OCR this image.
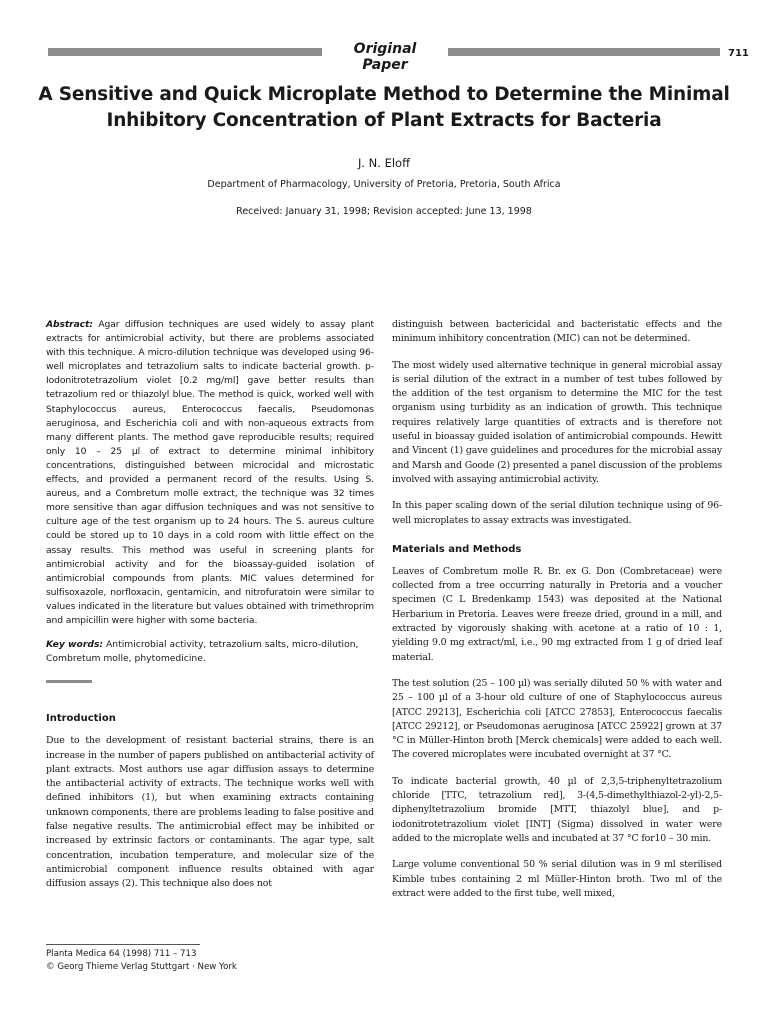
Original Paper
711
A Sensitive and Quick Microplate Method to Determine the Minimal
Inhibitory Concentration of Plant Extracts for Bacteria
J. N. Eloff
Department of Pharmacology, University of Pretoria, Pretoria, South Africa
Received: January 31, 1998; Revision accepted: June 13, 1998

Abstract: Agar diffusion techniques are used widely to assay plant extracts for antimicrobial activity, but there are problems associated with this technique. A micro-dilution technique was developed using 96-well microplates and tetrazolium salts to indicate bacterial growth. p-Iodonitrotetrazolium violet [0.2 mg/ml] gave better results than tetrazolium red or thiazolyl blue. The method is quick, worked well with Staphylococcus aureus, Enterococcus faecalis, Pseudomonas aeruginosa, and Escherichia coli and with non-aqueous extracts from many different plants. The method gave reproducible results; required only 10 – 25 µl of extract to determine minimal inhibitory concentrations, distinguished between microcidal and microstatic effects, and provided a permanent record of the results. Using S. aureus, and a Combretum molle extract, the technique was 32 times more sensitive than agar diffusion techniques and was not sensitive to culture age of the test organism up to 24 hours. The S. aureus culture could be stored up to 10 days in a cold room with little effect on the assay results. This method was useful in screening plants for antimicrobial activity and for the bioassay-guided isolation of antimicrobial compounds from plants. MIC values determined for sulfisoxazole, norfloxacin, gentamicin, and nitrofuratoin were similar to values indicated in the literature but values obtained with trimethroprim and ampicillin were higher with some bacteria.

Key words: Antimicrobial activity, tetrazolium salts, micro-dilution, Combretum molle, phytomedicine.

Introduction

Due to the development of resistant bacterial strains, there is an increase in the number of papers published on antibacterial activity of plant extracts. Most authors use agar diffusion assays to determine the antibacterial activity of extracts. The technique works well with defined inhibitors (1), but when examining extracts containing unknown components, there are problems leading to false positive and false negative results. The antimicrobial effect may be inhibited or increased by extrinsic factors or contaminants. The agar type, salt concentration, incubation temperature, and molecular size of the antimicrobial component influence results obtained with agar diffusion assays (2). This technique also does not

distinguish between bactericidal and bacteristatic effects and the minimum inhibitory concentration (MIC) can not be determined.

The most widely used alternative technique in general microbial assay is serial dilution of the extract in a number of test tubes followed by the addition of the test organism to determine the MIC for the test organism using turbidity as an indication of growth. This technique requires relatively large quantities of extracts and is therefore not useful in bioassay guided isolation of antimicrobial compounds. Hewitt and Vincent (1) gave guidelines and procedures for the microbial assay and Marsh and Goode (2) presented a panel discussion of the problems involved with assaying antimicrobial activity.

In this paper scaling down of the serial dilution technique using of 96-well microplates to assay extracts was investigated.

Materials and Methods

Leaves of Combretum molle R. Br. ex G. Don (Combretaceae) were collected from a tree occurring naturally in Pretoria and a voucher specimen (C L Bredenkamp 1543) was deposited at the National Herbarium in Pretoria. Leaves were freeze dried, ground in a mill, and extracted by vigorously shaking with acetone at a ratio of 10 : 1, yielding 9.0 mg extract/ml, i.e., 90 mg extracted from 1 g of dried leaf material.

The test solution (25 – 100 µl) was serially diluted 50 % with water and 25 – 100 µl of a 3-hour old culture of one of Staphylococcus aureus [ATCC 29213], Escherichia coli [ATCC 27853], Enterococcus faecalis [ATCC 29212], or Pseudomonas aeruginosa [ATCC 25922] grown at 37 °C in Müller-Hinton broth [Merck chemicals] were added to each well. The covered microplates were incubated overnight at 37 °C.

To indicate bacterial growth, 40 µl of 2,3,5-triphenyltetrazolium chloride [TTC, tetrazolium red], 3-(4,5-dimethylthiazol-2-yl)-2,5-diphenyltetrazolium bromide [MTT, thiazolyl blue], and p-iodonitrotetrazolium violet [INT] (Sigma) dissolved in water were added to the microplate wells and incubated at 37 °C for10 – 30 min.

Large volume conventional 50 % serial dilution was in 9 ml sterilised Kimble tubes containing 2 ml Müller-Hinton broth. Two ml of the extract were added to the first tube, well mixed,

Planta Medica 64 (1998) 711 – 713
© Georg Thieme Verlag Stuttgart · New York
